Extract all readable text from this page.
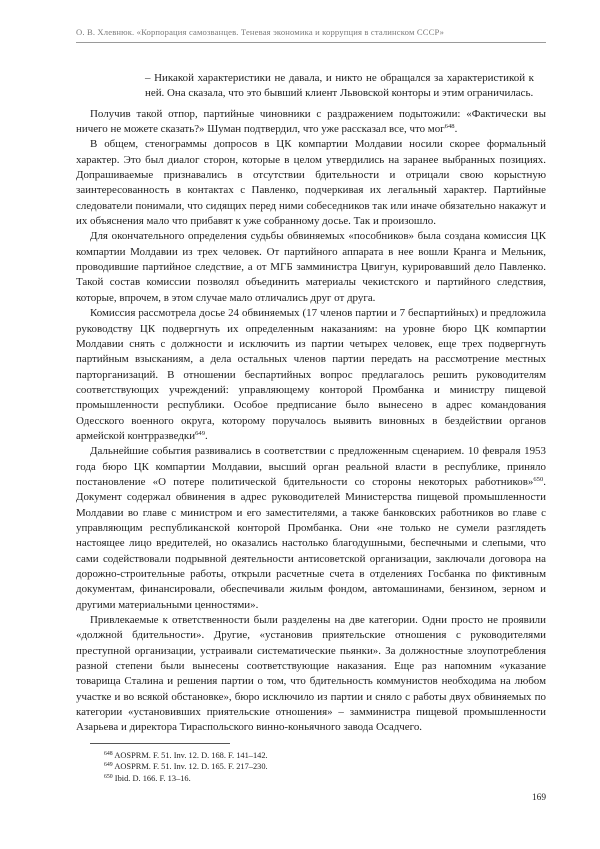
О. В. Хлевнюк. «Корпорация самозванцев. Теневая экономика и коррупция в сталинском СССР»

– Никакой характеристики не давала, и никто не обращался за характеристикой к ней. Она сказала, что это бывший клиент Львовской конторы и этим ограничилась.

Получив такой отпор, партийные чиновники с раздражением подытожили: «Фактически вы ничего не можете сказать?» Шуман подтвердил, что уже рассказал все, что мог$^{648}$.

В общем, стенограммы допросов в ЦК компартии Молдавии носили скорее формальный характер. Это был диалог сторон, которые в целом утвердились на заранее выбранных позициях. Допрашиваемые признавались в отсутствии бдительности и отрицали свою корыстную заинтересованность в контактах с Павленко, подчеркивая их легальный характер. Партийные следователи понимали, что сидящих перед ними собеседников так или иначе обязательно накажут и их объяснения мало что прибавят к уже собранному досье. Так и произошло.

Для окончательного определения судьбы обвиняемых «пособников» была создана комиссия ЦК компартии Молдавии из трех человек. От партийного аппарата в нее вошли Кранга и Мельник, проводившие партийное следствие, а от МГБ замминистра Цвигун, курировавший дело Павленко. Такой состав комиссии позволял объединить материалы чекистского и партийного следствия, которые, впрочем, в этом случае мало отличались друг от друга.

Комиссия рассмотрела досье 24 обвиняемых (17 членов партии и 7 беспартийных) и предложила руководству ЦК подвергнуть их определенным наказаниям: на уровне бюро ЦК компартии Молдавии снять с должности и исключить из партии четырех человек, еще трех подвергнуть партийным взысканиям, а дела остальных членов партии передать на рассмотрение местных парторганизаций. В отношении беспартийных вопрос предлагалось решить руководителям соответствующих учреждений: управляющему конторой Промбанка и министру пищевой промышленности республики. Особое предписание было вынесено в адрес командования Одесского военного округа, которому поручалось выявить виновных в бездействии органов армейской контрразведки$^{649}$.

Дальнейшие события развивались в соответствии с предложенным сценарием. 10 февраля 1953 года бюро ЦК компартии Молдавии, высший орган реальной власти в республике, приняло постановление «О потере политической бдительности со стороны некоторых работников»$^{650}$. Документ содержал обвинения в адрес руководителей Министерства пищевой промышленности Молдавии во главе с министром и его заместителями, а также банковских работников во главе с управляющим республиканской конторой Промбанка. Они «не только не сумели разглядеть настоящее лицо вредителей, но оказались настолько благодушными, беспечными и слепыми, что сами содействовали подрывной деятельности антисоветской организации, заключали договора на дорожно-строительные работы, открыли расчетные счета в отделениях Госбанка по фиктивным документам, финансировали, обеспечивали жилым фондом, автомашинами, бензином, зерном и другими материальными ценностями».

Привлекаемые к ответственности были разделены на две категории. Одни просто не проявили «должной бдительности». Другие, «установив приятельские отношения с руководителями преступной организации, устраивали систематические пьянки». За должностные злоупотребления разной степени были вынесены соответствующие наказания. Еще раз напомним «указание товарища Сталина и решения партии о том, что бдительность коммунистов необходима на любом участке и во всякой обстановке», бюро исключило из партии и сняло с работы двух обвиняемых по категории «установивших приятельские отношения» – замминистра пищевой промышленности Азарьева и директора Тираспольского винно-коньячного завода Осадчего.

$^{648}$ AOSPRM. F. 51. Inv. 12. D. 168. F. 141–142.
$^{649}$ AOSPRM. F. 51. Inv. 12. D. 165. F. 217–230.
$^{650}$ Ibid. D. 166. F. 13–16.
169
